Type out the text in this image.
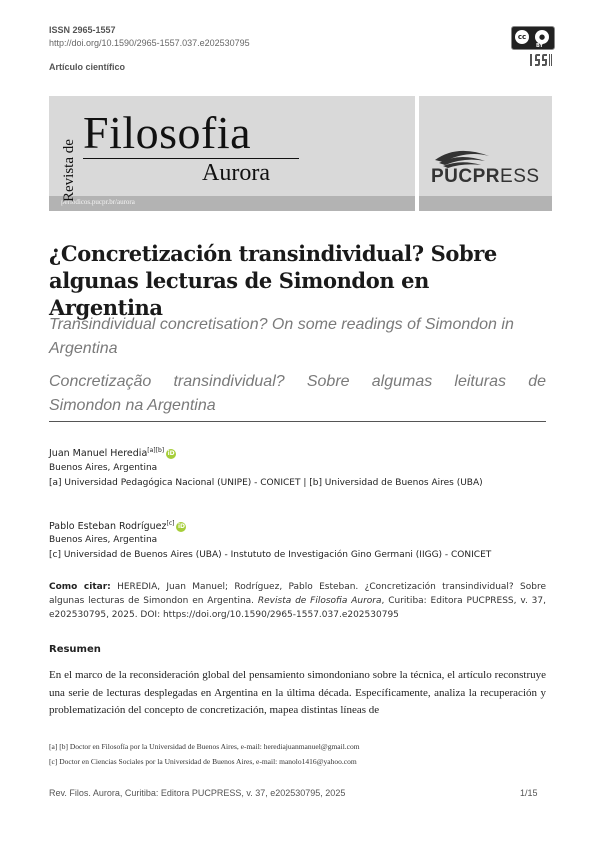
ISSN 2965-1557
http://doi.org/10.1590/2965-1557.037.e202530795
Artículo científico
cc	●
BY
periodicos.pucpr.br/aurora
Revista de
Filosofia
Aurora	PUCPRESS
¿Concretización transindividual? Sobre algunas lecturas de Simondon en Argentina
Transindividual concretisation? On some readings of Simondon in Argentina
Concretização transindividual? Sobre algumas leituras de
Simondon na Argentina
Juan Manuel Heredia[a][b] iD
Buenos Aires, Argentina
[a] Universidad Pedagógica Nacional (UNIPE) - CONICET | [b] Universidad de Buenos Aires (UBA)
Pablo Esteban Rodríguez[c] iD
Buenos Aires, Argentina
[c] Universidad de Buenos Aires (UBA) - Instututo de Investigación Gino Germani (IIGG) - CONICET
Como citar: HEREDIA, Juan Manuel; Rodríguez, Pablo Esteban. ¿Concretización transindividual? Sobre algunas lecturas de Simondon en Argentina. Revista de Filosofia Aurora, Curitiba: Editora PUCPRESS, v. 37, e202530795, 2025. DOI: https://doi.org/10.1590/2965-1557.037.e202530795
Resumen
En el marco de la reconsideración global del pensamiento simondoniano sobre la técnica, el artículo reconstruye una serie de lecturas desplegadas en Argentina en la última década. Específicamente, analiza la recuperación y problematización del concepto de concretización, mapea distintas líneas de
[a] [b] Doctor en Filosofía por la Universidad de Buenos Aires, e-mail: herediajuanmanuel@gmail.com
[c] Doctor en Ciencias Sociales por la Universidad de Buenos Aires, e-mail: manolo1416@yahoo.com
Rev. Filos. Aurora, Curitiba: Editora PUCPRESS, v. 37, e202530795, 2025	1/15
